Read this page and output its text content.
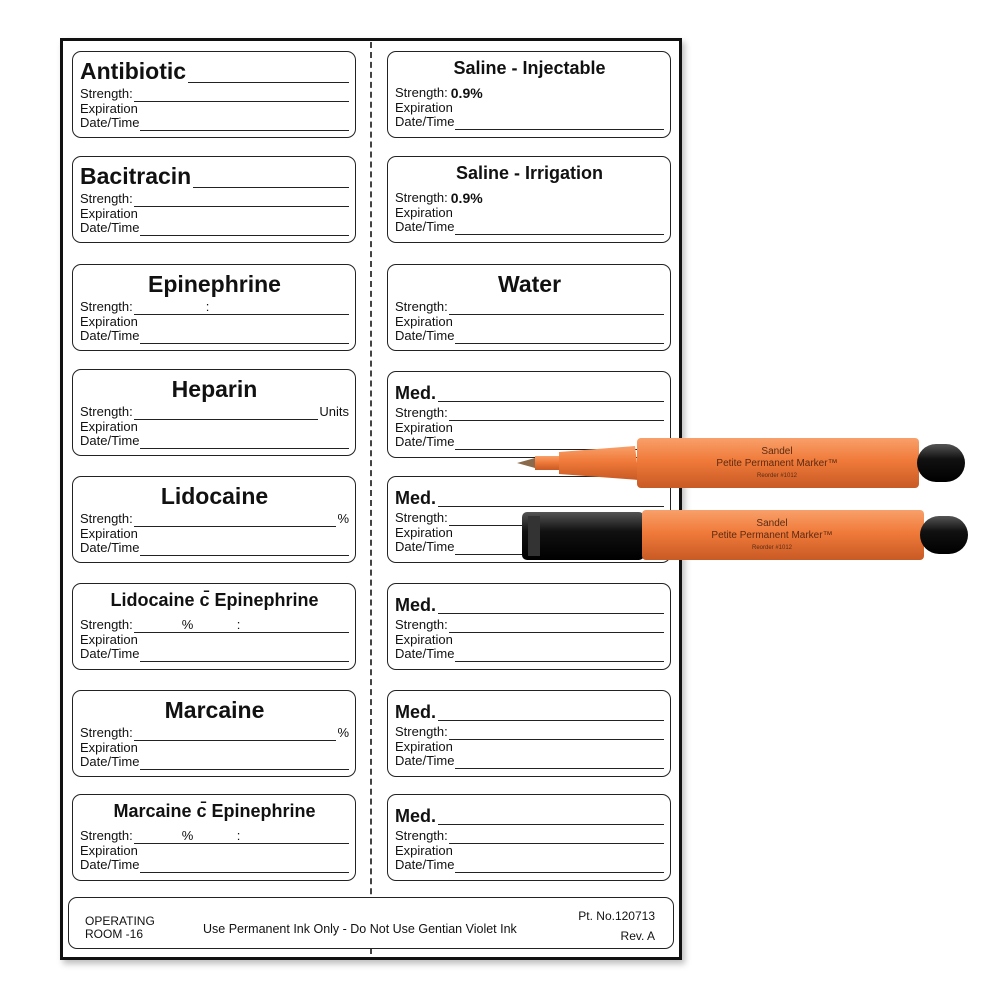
Antibiotic
Strength:
Expiration
Date/Time
Bacitracin
Strength:
Expiration
Date/Time
Epinephrine
Strength:	:
Expiration
Date/Time
Heparin
Strength:	Units
Expiration
Date/Time
Lidocaine
Strength:	%
Expiration
Date/Time
Lidocaine c̄ Epinephrine
Strength:	%	:
Expiration
Date/Time
Marcaine
Strength:	%
Expiration
Date/Time
Marcaine c̄ Epinephrine
Strength:	%	:
Expiration
Date/Time
Saline - Injectable
Strength: 0.9%
Expiration
Date/Time
Saline - Irrigation
Strength: 0.9%
Expiration
Date/Time
Water
Strength:
Expiration
Date/Time
Med.
Strength:
Expiration
Date/Time
Med.
Strength:
Expiration
Date/Time
Med.
Strength:
Expiration
Date/Time
Med.
Strength:
Expiration
Date/Time
Med.
Strength:
Expiration
Date/Time
OPERATING
ROOM -16	Use Permanent Ink Only - Do Not Use Gentian Violet Ink
Pt. No.120713
Rev. A
Sandel
Petite Permanent Marker™
Reorder #1012
Sandel
Petite Permanent Marker™
Reorder #1012
